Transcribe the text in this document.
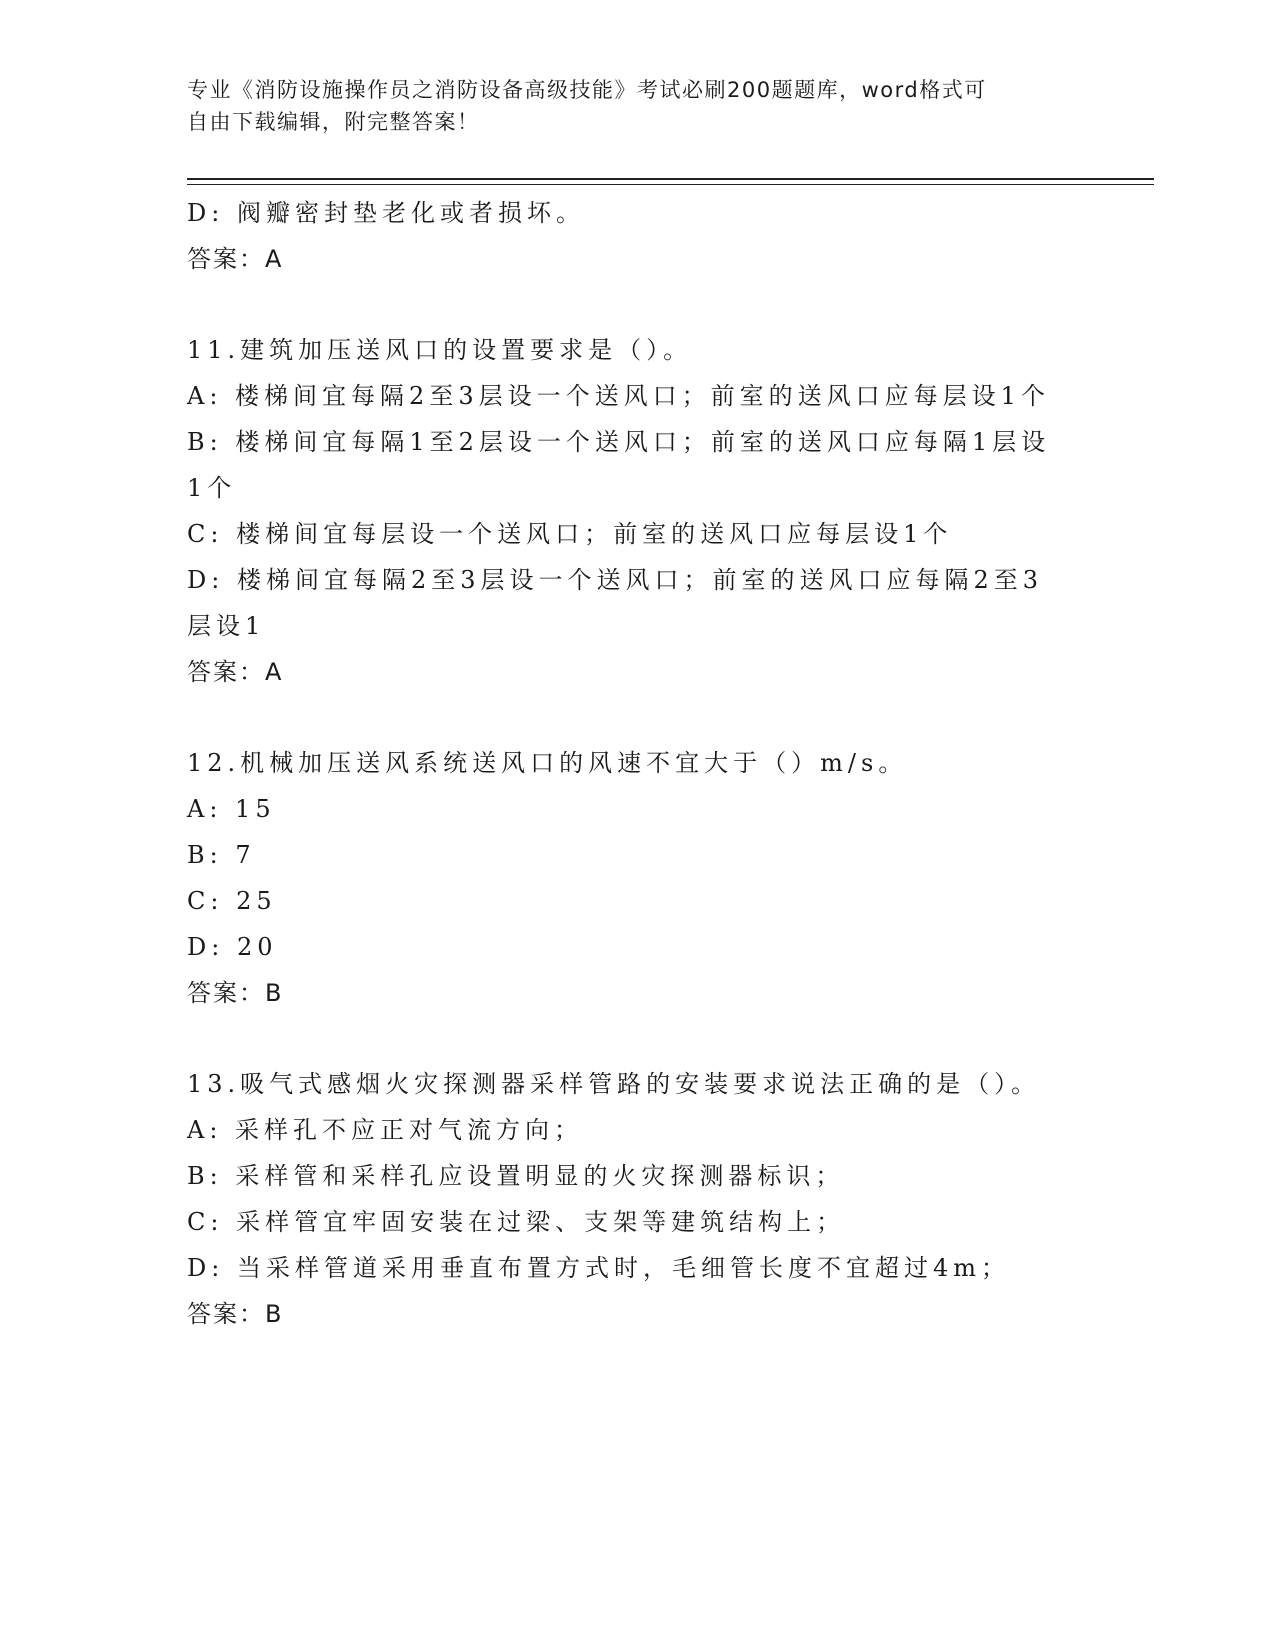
专业《消防设施操作员之消防设备高级技能》考试必刷200题题库，word格式可
自由下载编辑，附完整答案！
D: 阀瓣密封垫老化或者损坏。
答案：A
11.建筑加压送风口的设置要求是（）。
A: 楼梯间宜每隔2至3层设一个送风口；前室的送风口应每层设1个
B: 楼梯间宜每隔1至2层设一个送风口；前室的送风口应每隔1层设
1个
C: 楼梯间宜每层设一个送风口；前室的送风口应每层设1个
D: 楼梯间宜每隔2至3层设一个送风口；前室的送风口应每隔2至3
层设1
答案：A
12.机械加压送风系统送风口的风速不宜大于（）m/s。
A: 15
B: 7
C: 25
D: 20
答案：B
13.吸气式感烟火灾探测器采样管路的安装要求说法正确的是（）。
A: 采样孔不应正对气流方向；
B: 采样管和采样孔应设置明显的火灾探测器标识；
C: 采样管宜牢固安装在过梁、支架等建筑结构上；
D: 当采样管道采用垂直布置方式时，毛细管长度不宜超过4m；
答案：B
